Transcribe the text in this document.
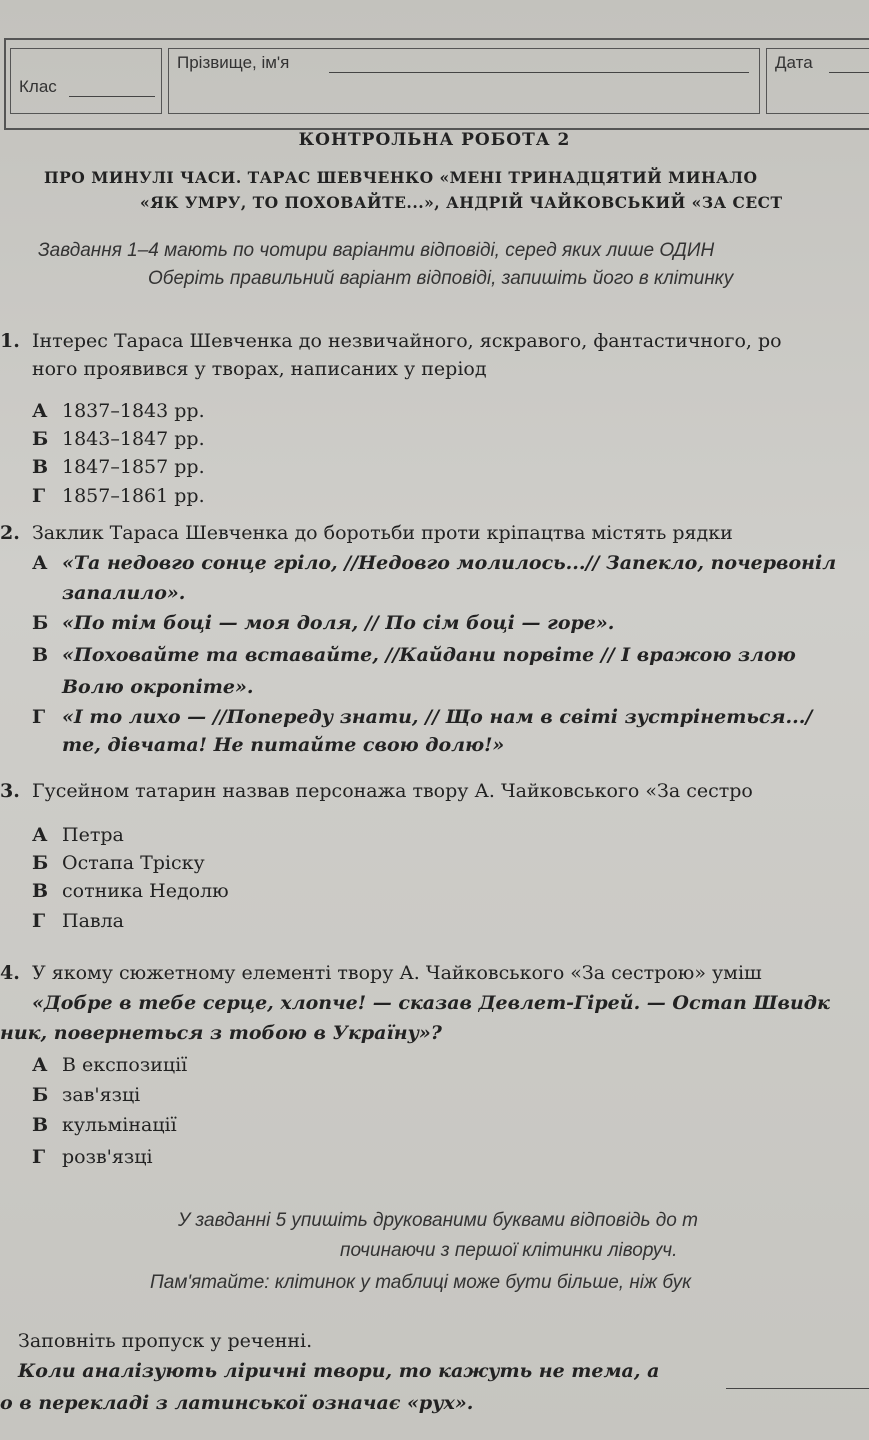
Клас
Прізвище, ім'я	Дата
КОНТРОЛЬНА РОБОТА 2
ПРО МИНУЛІ ЧАСИ. ТАРАС ШЕВЧЕНКО «МЕНІ ТРИНАДЦЯТИЙ МИНАЛО
«ЯК УМРУ, ТО ПОХОВАЙТЕ...», АНДРІЙ ЧАЙКОВСЬКИЙ «ЗА СЕСТ
Завдання 1–4 мають по чотири варіанти відповіді, серед яких лише ОДИН
Оберіть правильний варіант відповіді, запишіть його в клітинку
1. Інтерес Тараса Шевченка до незвичайного, яскравого, фантастичного, ро
ного проявився у творах, написаних у період
А 1837–1843 рр.
Б 1843–1847 рр.
В 1847–1857 рр.
Г 1857–1861 рр.
2. Заклик Тараса Шевченка до боротьби проти кріпацтва містять рядки
А «Та недовго сонце гріло, //Недовго молилось...// Запекло, почервоніл
запалило».
Б «По тім боці — моя доля, // По сім боці — горе».
В «Поховайте та вставайте, //Кайдани порвіте // І вражою злою
Волю окропіте».
Г «І то лихо — //Попереду знати, // Що нам в світі зустрінеться.../
те, дівчата! Не питайте свою долю!»
3. Гусейном татарин назвав персонажа твору А. Чайковського «За сестро
А Петра
Б Остапа Тріску
В сотника Недолю
Г Павла
4. У якому сюжетному елементі твору А. Чайковського «За сестрою» уміш
«Добре в тебе серце, хлопче! — сказав Девлет-Гірей. — Остап Швидк
ник, повернеться з тобою в Україну»?
А В експозиції
Б зав'язці
В кульмінації
Г розв'язці
У завданні 5 упишіть друкованими буквами відповідь до т
починаючи з першої клітинки ліворуч.
Пам'ятайте: клітинок у таблиці може бути більше, ніж бук
Заповніть пропуск у реченні.
Коли аналізують ліричні твори, то кажуть не тема, а
о в перекладі з латинської означає «рух».
